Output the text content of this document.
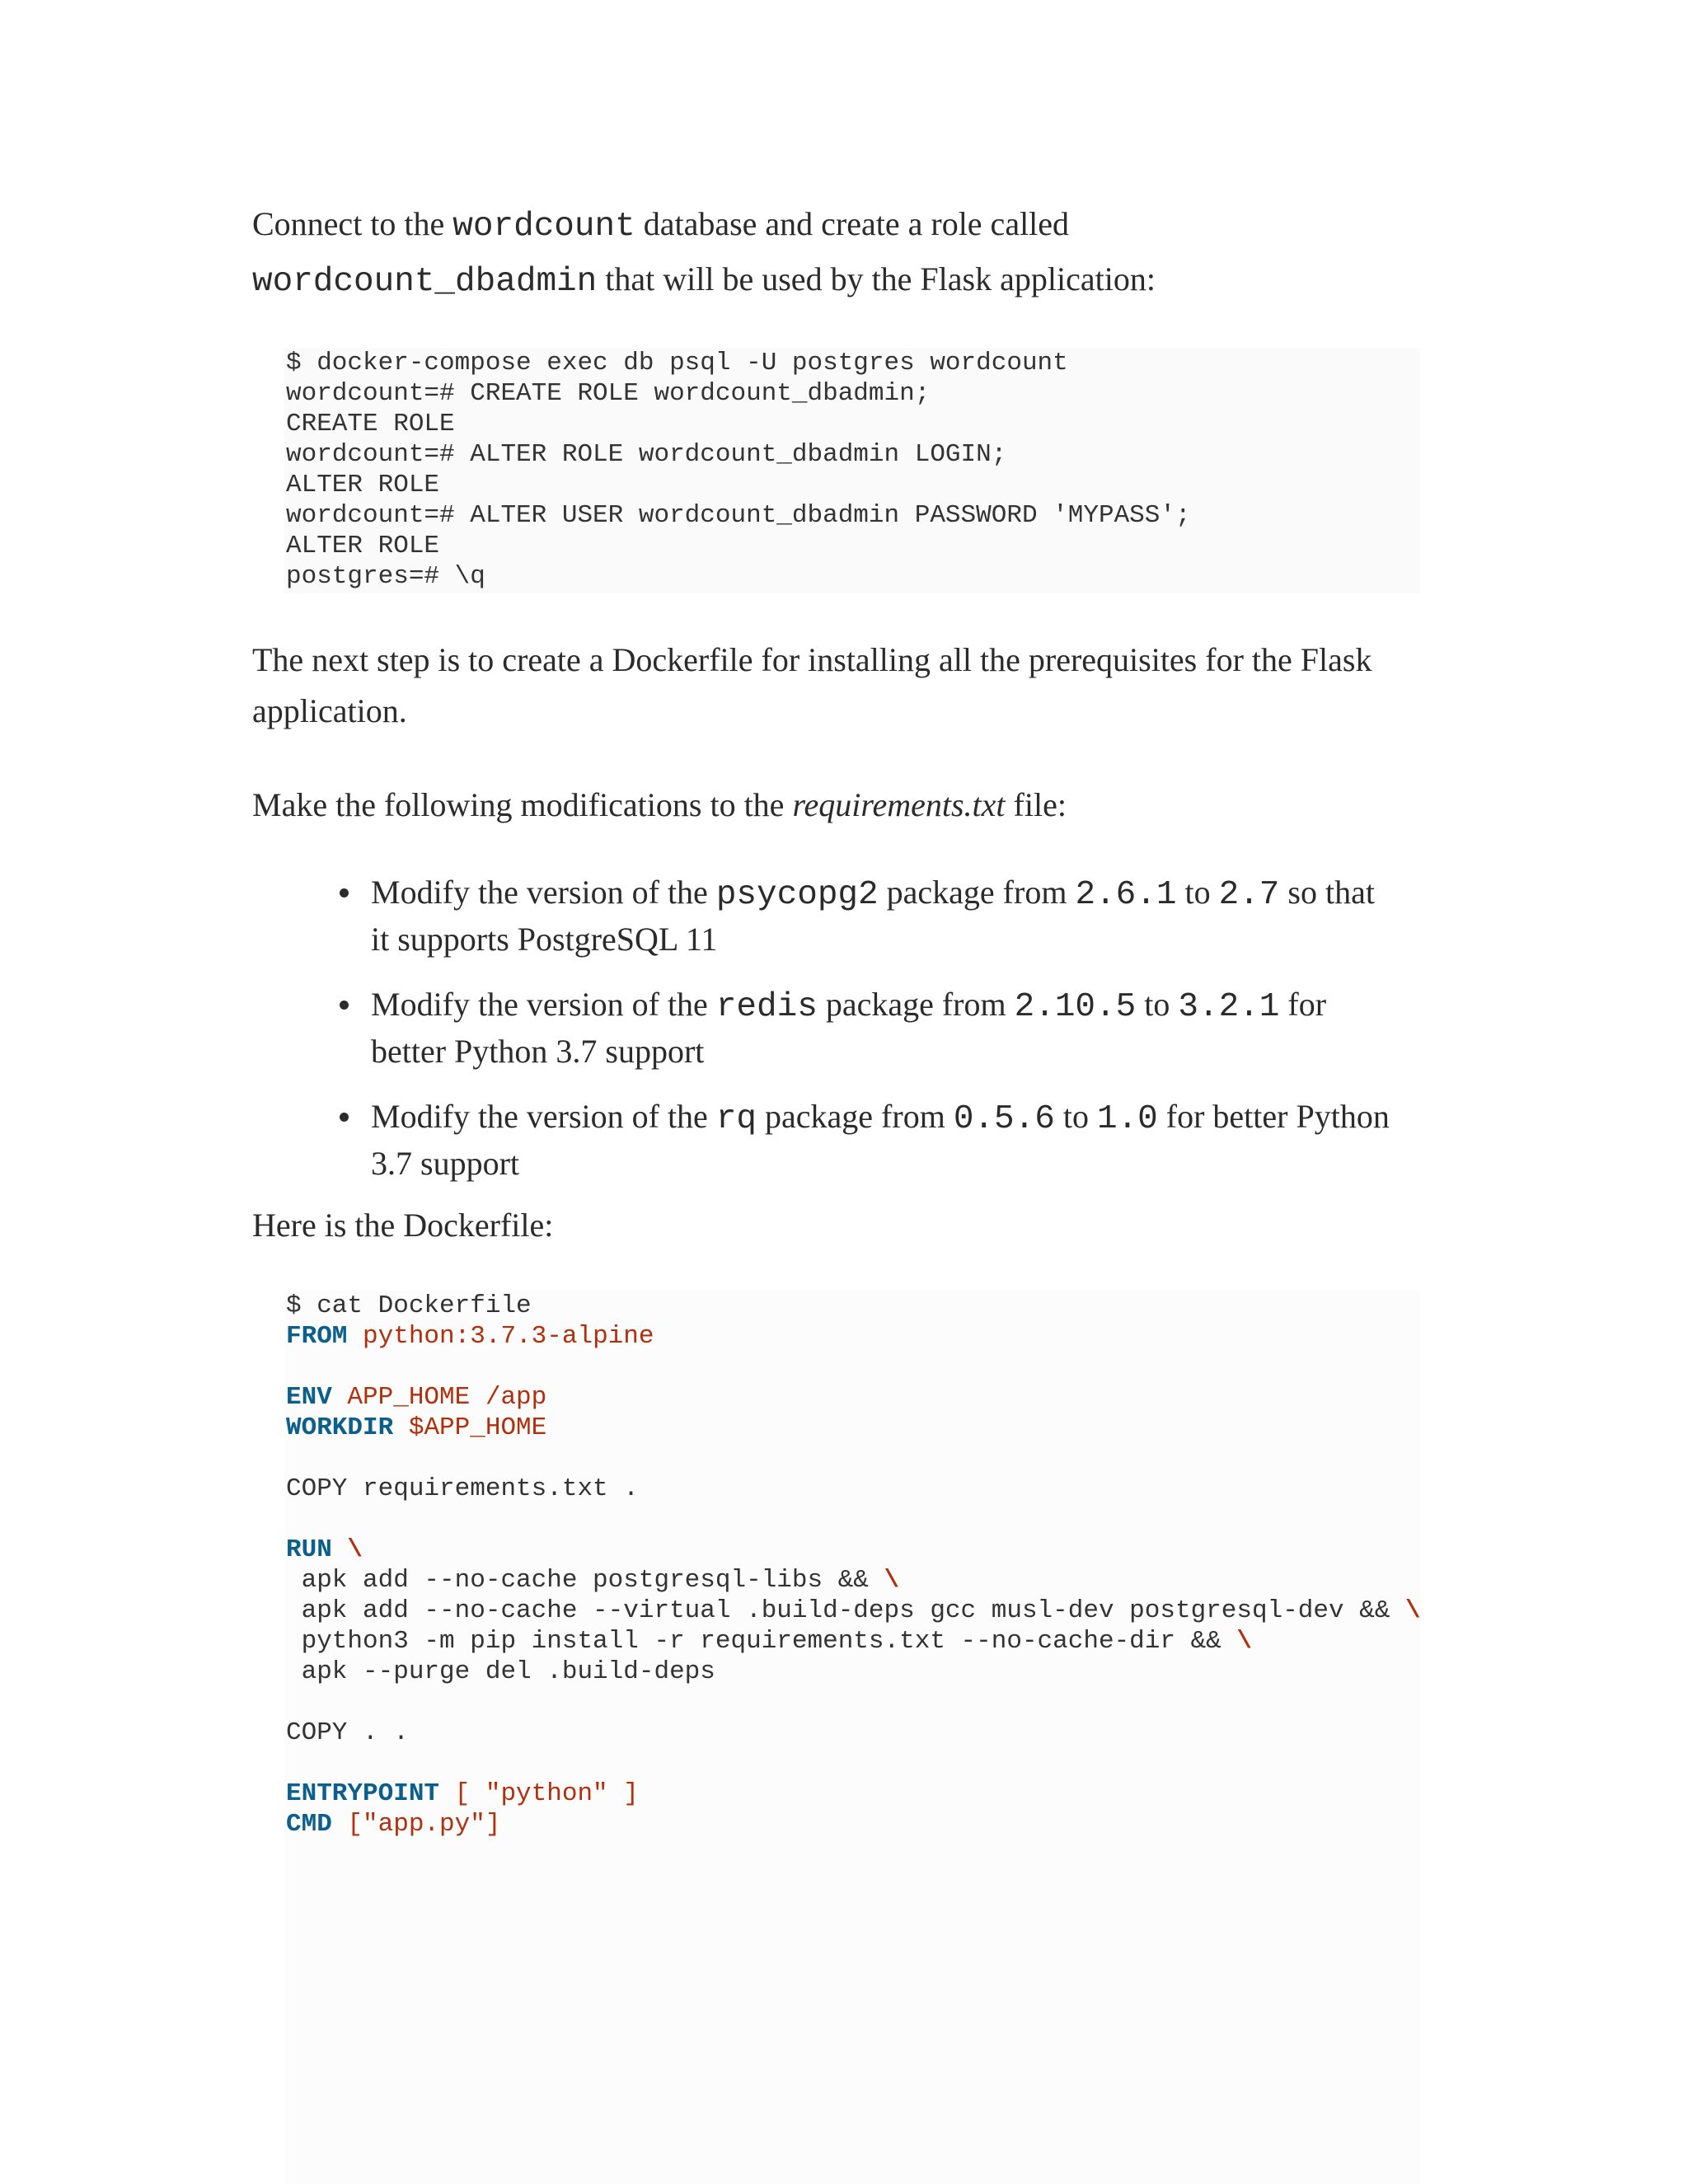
Connect to the wordcount database and create a role called
wordcount_dbadmin that will be used by the Flask application:
$ docker-compose exec db psql -U postgres wordcount
wordcount=# CREATE ROLE wordcount_dbadmin;
CREATE ROLE
wordcount=# ALTER ROLE wordcount_dbadmin LOGIN;
ALTER ROLE
wordcount=# ALTER USER wordcount_dbadmin PASSWORD 'MYPASS';
ALTER ROLE
postgres=# \q
The next step is to create a Dockerfile for installing all the prerequisites for the Flask
application.
Make the following modifications to the requirements.txt file:
Modify the version of the psycopg2 package from 2.6.1 to 2.7 so that
it supports PostgreSQL 11
Modify the version of the redis package from 2.10.5 to 3.2.1 for
better Python 3.7 support
Modify the version of the rq package from 0.5.6 to 1.0 for better Python
3.7 support
Here is the Dockerfile:
$ cat Dockerfile
FROM python:3.7.3-alpine
ENV APP_HOME /app
WORKDIR $APP_HOME
COPY requirements.txt .
RUN \
apk add --no-cache postgresql-libs && \
apk add --no-cache --virtual .build-deps gcc musl-dev postgresql-dev && \
python3 -m pip install -r requirements.txt --no-cache-dir && \
apk --purge del .build-deps
COPY . .
ENTRYPOINT [ "python" ]
CMD ["app.py"]
